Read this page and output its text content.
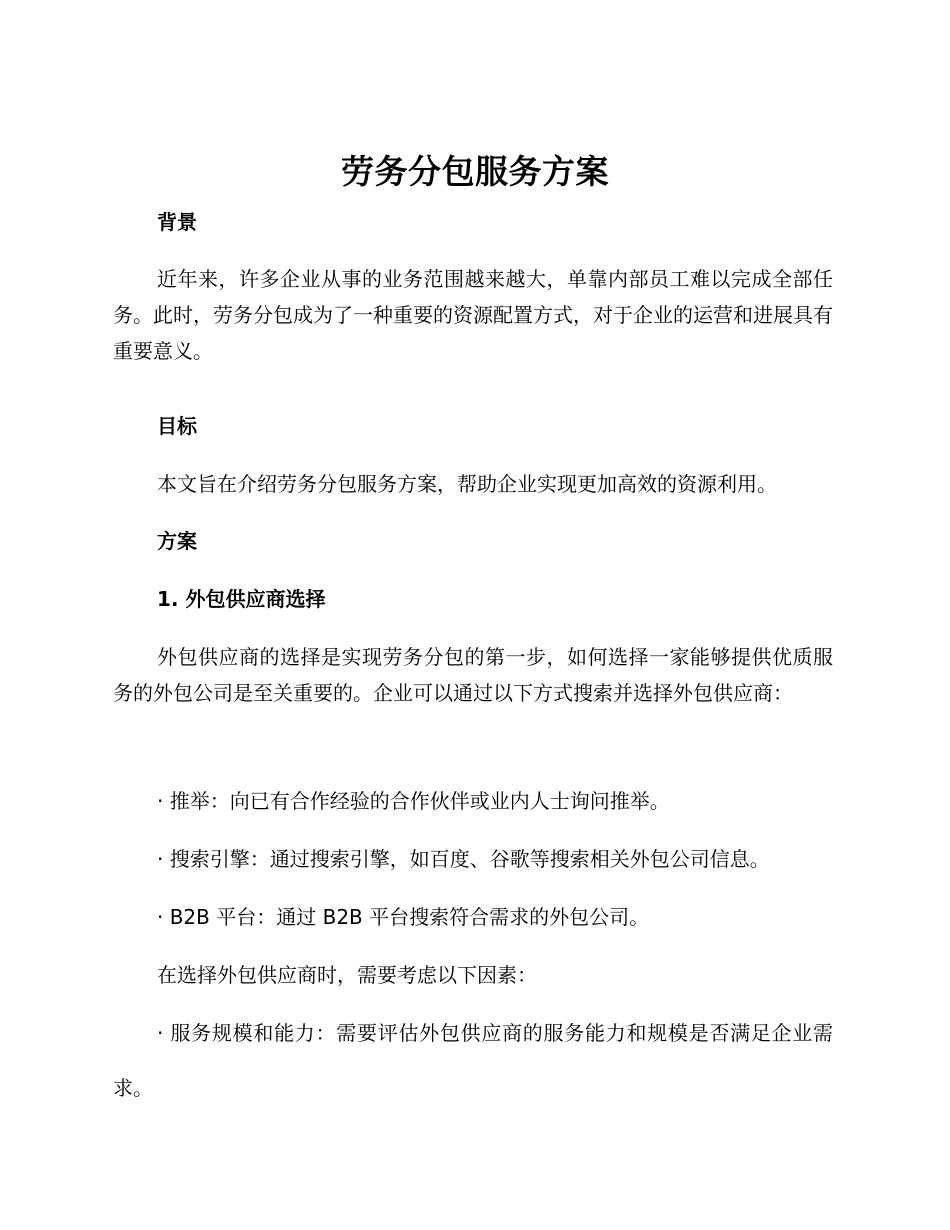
劳务分包服务方案
背景
近年来，许多企业从事的业务范围越来越大，单靠内部员工难以完成全部任务。此时，劳务分包成为了一种重要的资源配置方式，对于企业的运营和进展具有重要意义。
目标
本文旨在介绍劳务分包服务方案，帮助企业实现更加高效的资源利用。
方案
1. 外包供应商选择
外包供应商的选择是实现劳务分包的第一步，如何选择一家能够提供优质服务的外包公司是至关重要的。企业可以通过以下方式搜索并选择外包供应商：
· 推举：向已有合作经验的合作伙伴或业内人士询问推举。
· 搜索引擎：通过搜索引擎，如百度、谷歌等搜索相关外包公司信息。
· B2B 平台：通过 B2B 平台搜索符合需求的外包公司。
在选择外包供应商时，需要考虑以下因素：
· 服务规模和能力：需要评估外包供应商的服务能力和规模是否满足企业需求。
